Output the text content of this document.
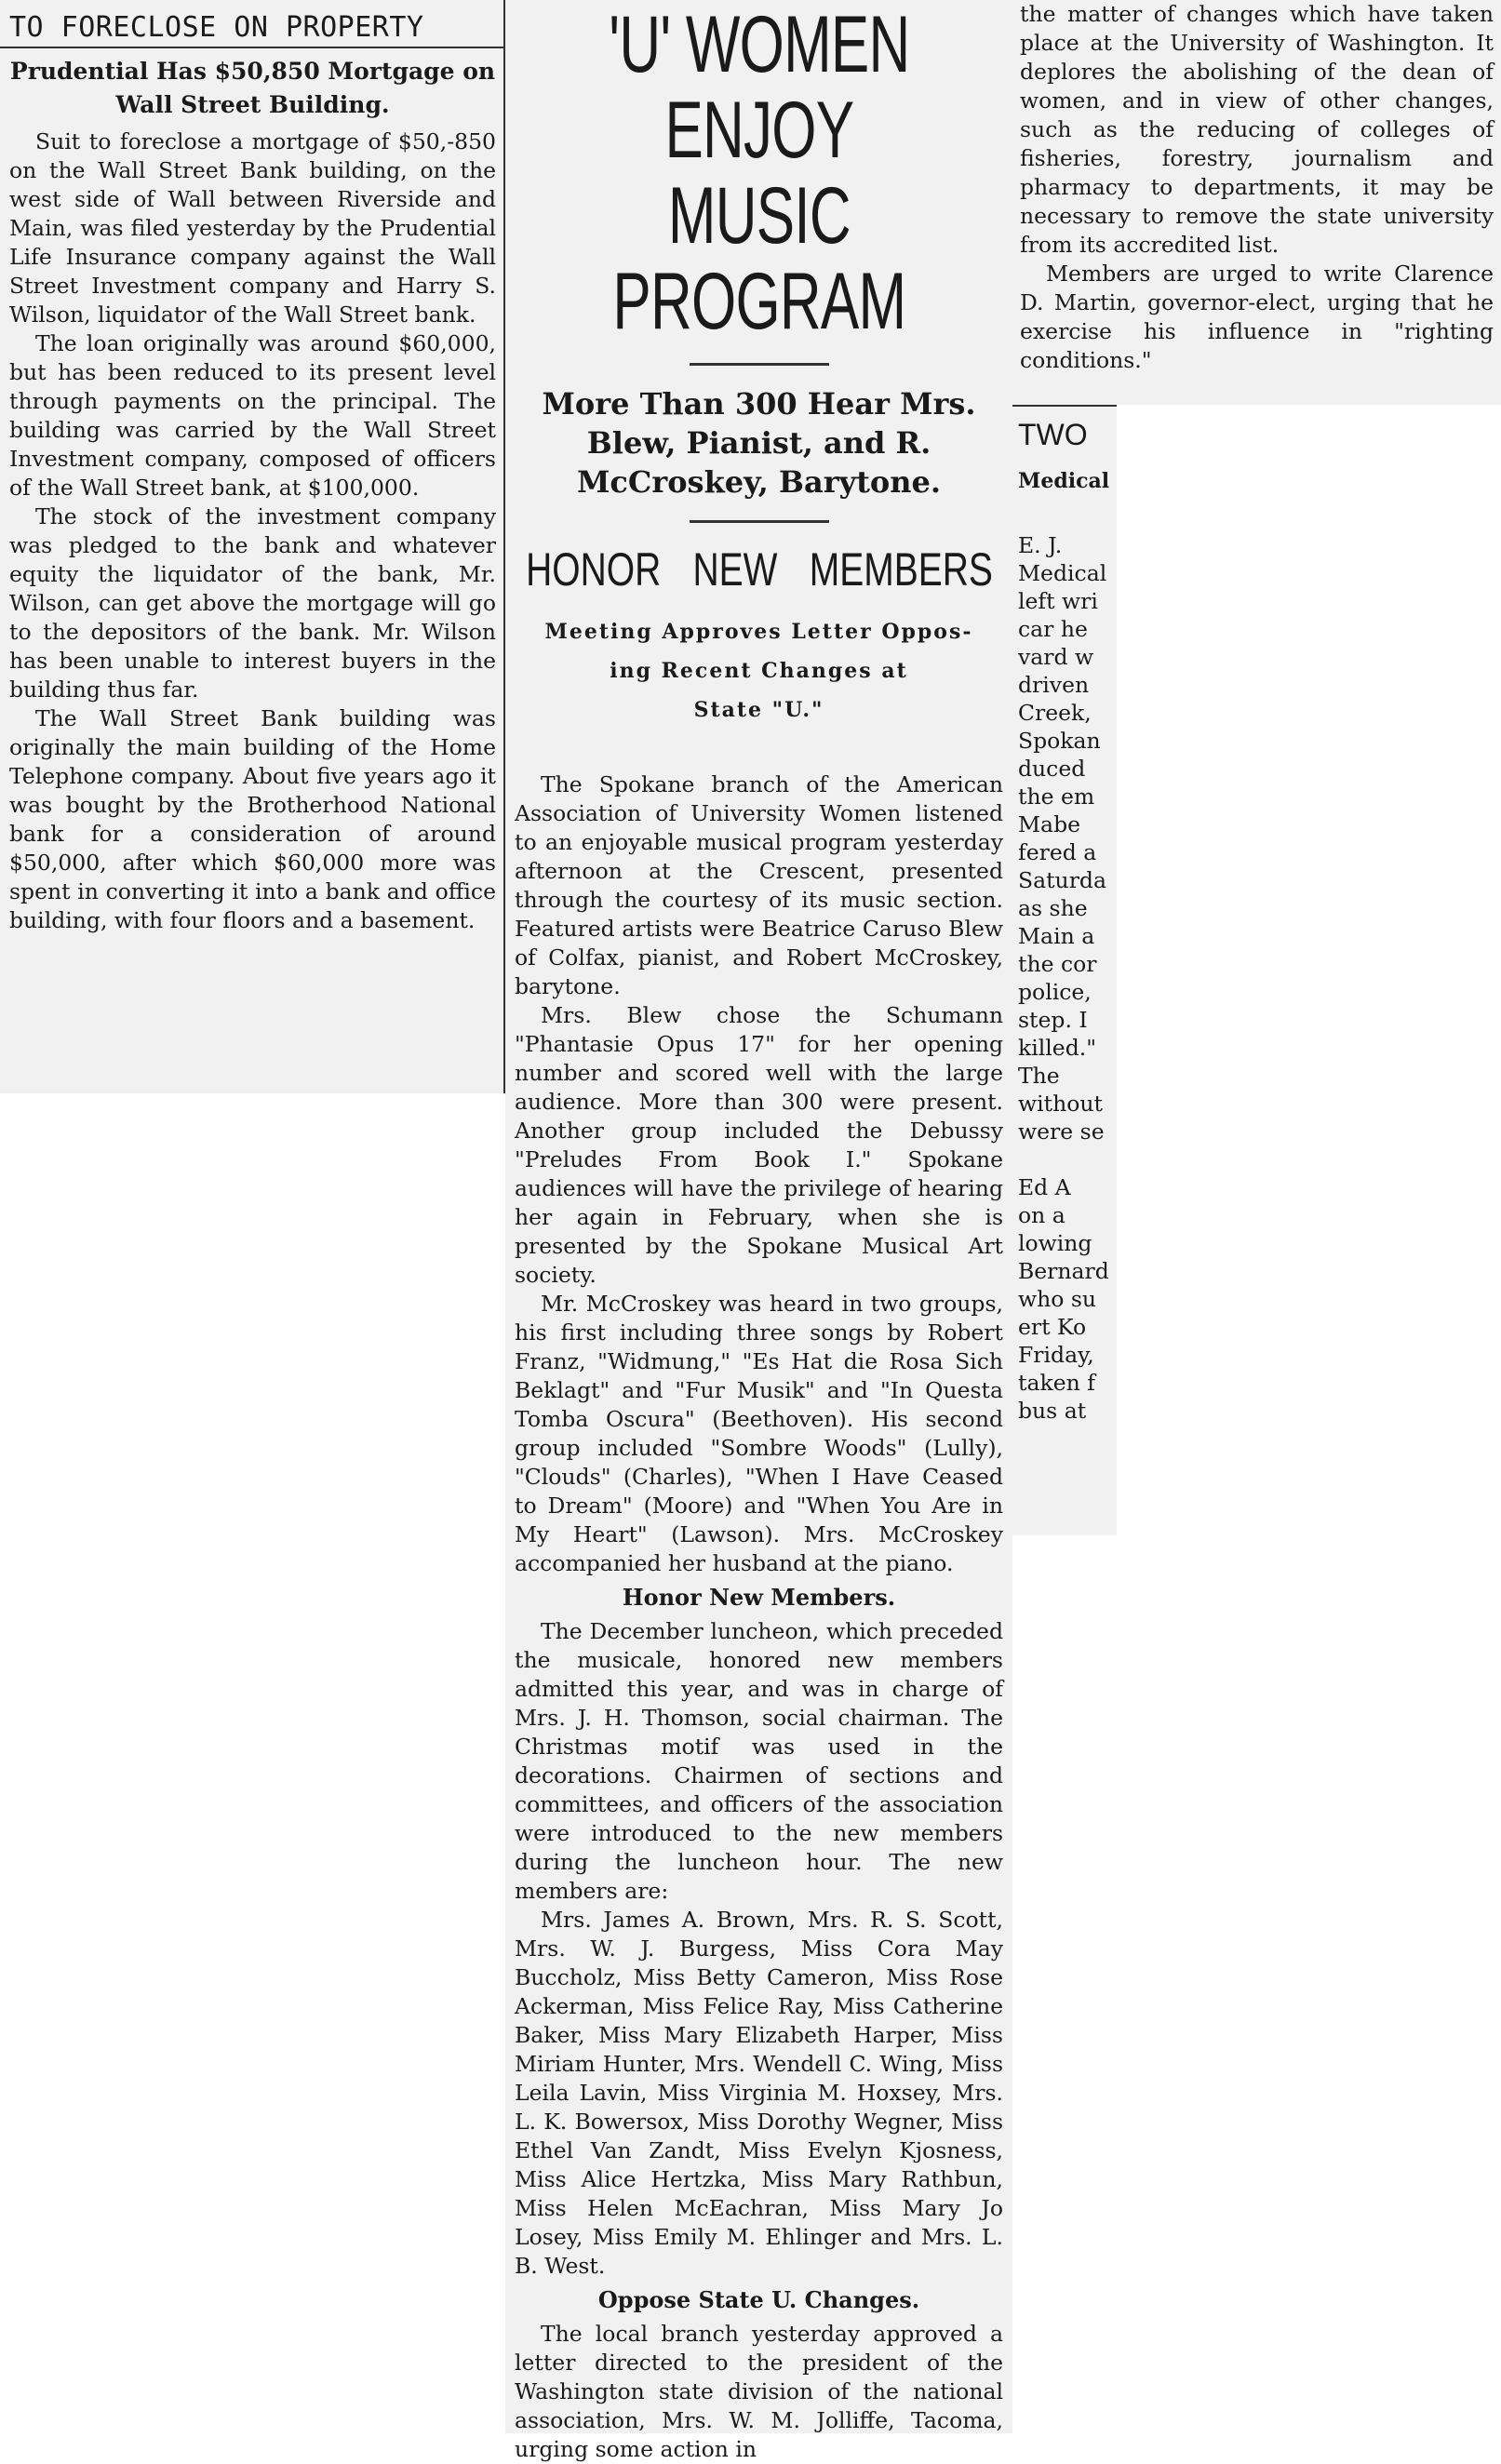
TO FORECLOSE ON PROPERTY
Prudential Has $50,850 Mortgage on
Wall Street Building.

Suit to foreclose a mortgage of $50,-850 on the Wall Street Bank building, on the west side of Wall between Riverside and Main, was filed yesterday by the Prudential Life Insurance company against the Wall Street Investment company and Harry S. Wilson, liquidator of the Wall Street bank.

The loan originally was around $60,000, but has been reduced to its present level through payments on the principal. The building was carried by the Wall Street Investment company, composed of officers of the Wall Street bank, at $100,000.

The stock of the investment company was pledged to the bank and whatever equity the liquidator of the bank, Mr. Wilson, can get above the mortgage will go to the depositors of the bank. Mr. Wilson has been unable to interest buyers in the building thus far.

The Wall Street Bank building was originally the main building of the Home Telephone company. About five years ago it was bought by the Brotherhood National bank for a consideration of around $50,000, after which $60,000 more was spent in converting it into a bank and office building, with four floors and a basement.

'U' WOMEN ENJOY
MUSIC PROGRAM
More Than 300 Hear Mrs. Blew, Pianist, and R. McCroskey, Barytone.
HONOR NEW MEMBERS
Meeting Approves Letter Oppos-
ing Recent Changes at
State "U."

The Spokane branch of the American Association of University Women listened to an enjoyable musical program yesterday afternoon at the Crescent, presented through the courtesy of its music section. Featured artists were Beatrice Caruso Blew of Colfax, pianist, and Robert McCroskey, barytone.

Mrs. Blew chose the Schumann "Phantasie Opus 17" for her opening number and scored well with the large audience. More than 300 were present. Another group included the Debussy "Preludes From Book I." Spokane audiences will have the privilege of hearing her again in February, when she is presented by the Spokane Musical Art society.

Mr. McCroskey was heard in two groups, his first including three songs by Robert Franz, "Widmung," "Es Hat die Rosa Sich Beklagt" and "Fur Musik" and "In Questa Tomba Oscura" (Beethoven). His second group included "Sombre Woods" (Lully), "Clouds" (Charles), "When I Have Ceased to Dream" (Moore) and "When You Are in My Heart" (Lawson). Mrs. McCroskey accompanied her husband at the piano.

Honor New Members.

The December luncheon, which preceded the musicale, honored new members admitted this year, and was in charge of Mrs. J. H. Thomson, social chairman. The Christmas motif was used in the decorations. Chairmen of sections and committees, and officers of the association were introduced to the new members during the luncheon hour. The new members are:

Mrs. James A. Brown, Mrs. R. S. Scott, Mrs. W. J. Burgess, Miss Cora May Buccholz, Miss Betty Cameron, Miss Rose Ackerman, Miss Felice Ray, Miss Catherine Baker, Miss Mary Elizabeth Harper, Miss Miriam Hunter, Mrs. Wendell C. Wing, Miss Leila Lavin, Miss Virginia M. Hoxsey, Mrs. L. K. Bowersox, Miss Dorothy Wegner, Miss Ethel Van Zandt, Miss Evelyn Kjosness, Miss Alice Hertzka, Miss Mary Rathbun, Miss Helen McEachran, Miss Mary Jo Losey, Miss Emily M. Ehlinger and Mrs. L. B. West.

Oppose State U. Changes.

The local branch yesterday approved a letter directed to the president of the Washington state division of the national association, Mrs. W. M. Jolliffe, Tacoma, urging some action in

the matter of changes which have taken place at the University of Washington. It deplores the abolishing of the dean of women, and in view of other changes, such as the reducing of colleges of fisheries, forestry, journalism and pharmacy to departments, it may be necessary to remove the state university from its accredited list.

Members are urged to write Clarence D. Martin, governor-elect, urging that he exercise his influence in "righting conditions."

TWO
Medical
E. J.
Medical
left wri
car he
vard w
driven
Creek,
Spokan
duced
the em
Mabe
fered a
Saturda
as she
Main a
the cor
police,
step. I
killed."
The
without
were se
Ed A
on a
lowing
Bernard
who su
ert Ko
Friday,
taken f
bus at
